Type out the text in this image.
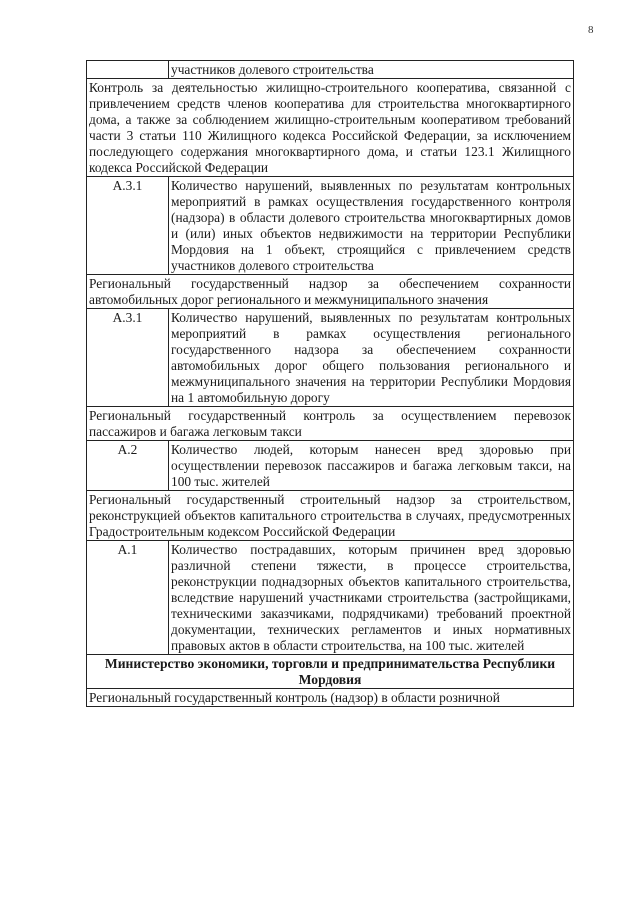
8
	участников долевого строительства
Контроль за деятельностью жилищно-строительного кооператива, связанной с привлечением средств членов кооператива для строительства многоквартирного дома, а также за соблюдением жилищно-строительным кооперативом требований части 3 статьи 110 Жилищного кодекса Российской Федерации, за исключением последующего содержания многоквартирного дома, и статьи 123.1 Жилищного кодекса Российской Федерации	
А.3.1	Количество нарушений, выявленных по результатам контрольных мероприятий в рамках осуществления государственного контроля (надзора) в области долевого строительства многоквартирных домов и (или) иных объектов недвижимости на территории Республики Мордовия на 1 объект, строящийся с привлечением средств участников долевого строительства
Региональный государственный надзор за обеспечением сохранности автомобильных дорог регионального и межмуниципального значения	
А.3.1	Количество нарушений, выявленных по результатам контрольных мероприятий в рамках осуществления регионального государственного надзора за обеспечением сохранности автомобильных дорог общего пользования регионального и межмуниципального значения на территории Республики Мордовия на 1 автомобильную дорогу
Региональный государственный контроль за осуществлением перевозок пассажиров и багажа легковым такси	
А.2	Количество людей, которым нанесен вред здоровью при осуществлении перевозок пассажиров и багажа легковым такси, на 100 тыс. жителей
Региональный государственный строительный надзор за строительством, реконструкцией объектов капитального строительства в случаях, предусмотренных Градостроительным кодексом Российской Федерации	
А.1	Количество пострадавших, которым причинен вред здоровью различной степени тяжести, в процессе строительства, реконструкции поднадзорных объектов капитального строительства, вследствие нарушений участниками строительства (застройщиками, техническими заказчиками, подрядчиками) требований проектной документации, технических регламентов и иных нормативных правовых актов в области строительства, на 100 тыс. жителей
Министерство экономики, торговли и предпринимательства Республики Мордовия	
Региональный государственный контроль (надзор) в области розничной	
